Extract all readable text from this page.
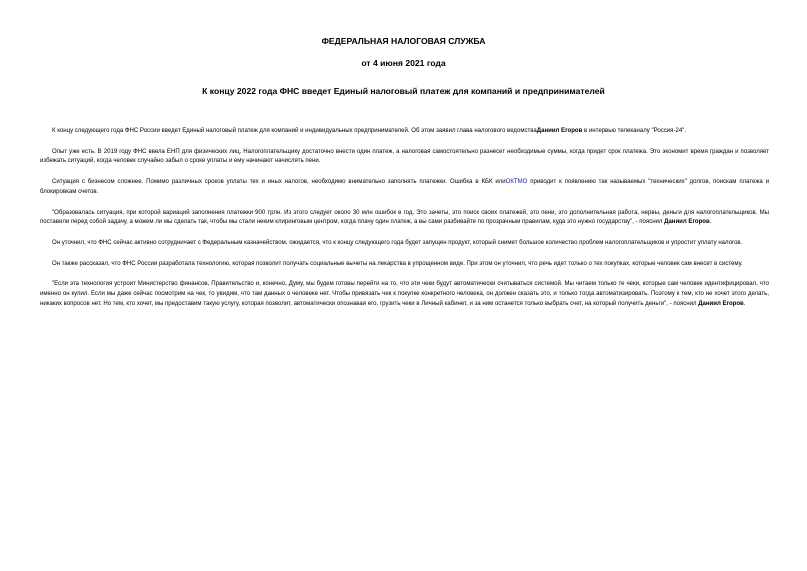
ФЕДЕРАЛЬНАЯ НАЛОГОВАЯ СЛУЖБА
от 4 июня 2021 года
К концу 2022 года ФНС введет Единый налоговый платеж для компаний и предпринимателей

К концу следующего года ФНС России введет Единый налоговый платеж для компаний и индивидуальных предпринимателей. Об этом заявил глава налогового ведомстваДаниил Егоров в интервью телеканалу "Россия-24".

Опыт уже есть. В 2019 году ФНС ввела ЕНП для физических лиц. Налогоплательщику достаточно внести один платеж, а налоговая самостоятельно разнесет необходимые суммы, когда придет срок платежа. Это экономит время граждан и позволяет избежать ситуаций, когда человек случайно забыл о сроке уплаты и ему начинают начислять пени.

Ситуация с бизнесом сложнее. Помимо различных сроков уплаты тех и иных налогов, необходимо внимательно заполнять платежки. Ошибка в КБК илиОКТМО приводит к появлению так называемых "технических" долгов, поискам платежа и блокировкам счетов.

"Образовалась ситуация, при которой вариаций заполнения платежки 900 трлн. Из этого следует около 30 млн ошибок в год. Это зачеты, это поиск своих платежей, это пени, это дополнительная работа, нервы, деньги для налогоплательщиков. Мы поставили перед собой задачу, а можем ли мы сделать так, чтобы мы стали неким клиринговым центром, когда плачу один платеж, а вы сами разбивайте по прозрачным правилам, куда это нужно государству", - пояснил Даниил Егоров.

Он уточнил, что ФНС сейчас активно сотрудничает с Федеральным казначейством, ожидается, что к концу следующего года будет запущен продукт, который снимет большое количество проблем налогоплательщиков и упростит уплату налогов.

Он также рассказал, что ФНС России разработала технологию, которая позволит получать социальные вычеты на лекарства в упрощенном виде. При этом он уточнил, что речь идет только о тех покупках, которые человек сам внесет в систему.

"Если эта технология устроит Министерство финансов, Правительство и, конечно, Думу, мы будем готовы перейти на то, что эти чеки будут автоматически считываться системой. Мы читаем только те чеки, которые сам человек идентифицировал, что именно он купил. Если мы даже сейчас посмотрим на чек, то увидим, что там данных о человеке нет. Чтобы привязать чек к покупке конкретного человека, он должен сказать это, и только тогда автоматизировать. Поэтому к тем, кто не хочет этого делать, никаких вопросов нет. Но тем, кто хочет, мы предоставим такую услугу, которая позволит, автоматически опознавая его, грузить чеки в Личный кабинет, и за ним останется только выбрать счет, на который получить деньги", - пояснил Даниил Егоров.
